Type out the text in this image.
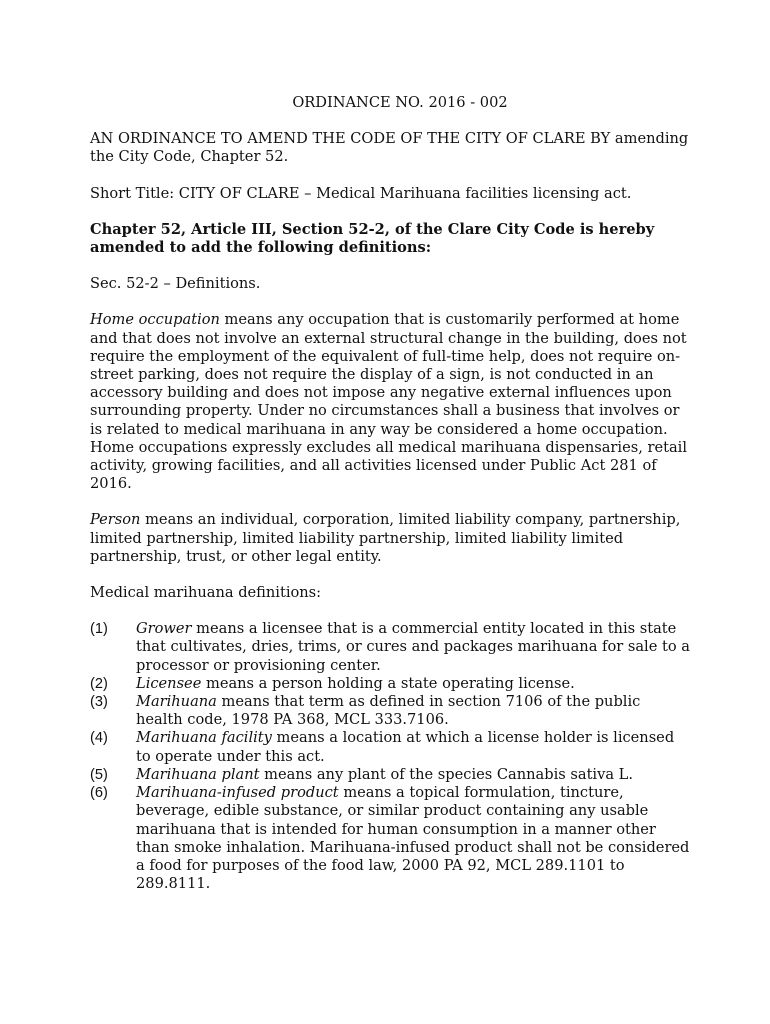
ORDINANCE NO. 2016 - 002

AN ORDINANCE TO AMEND THE CODE OF THE CITY OF CLARE BY amending the City Code, Chapter 52.

Short Title: CITY OF CLARE – Medical Marihuana facilities licensing act.

Chapter 52, Article III, Section 52-2, of the Clare City Code is hereby amended to add the following definitions:

Sec. 52-2 – Definitions.

Home occupation means any occupation that is customarily performed at home and that does not involve an external structural change in the building, does not require the employment of the equivalent of full-time help, does not require on-street parking, does not require the display of a sign, is not conducted in an accessory building and does not impose any negative external influences upon surrounding property. Under no circumstances shall a business that involves or is related to medical marihuana in any way be considered a home occupation. Home occupations expressly excludes all medical marihuana dispensaries, retail activity, growing facilities, and all activities licensed under Public Act 281 of 2016.

Person means an individual, corporation, limited liability company, partnership, limited partnership, limited liability partnership, limited liability limited partnership, trust, or other legal entity.

Medical marihuana definitions:

(1)	Grower means a licensee that is a commercial entity located in this state that cultivates, dries, trims, or cures and packages marihuana for sale to a processor or provisioning center.
(2)	Licensee means a person holding a state operating license.
(3)	Marihuana means that term as defined in section 7106 of the public health code, 1978 PA 368, MCL 333.7106.
(4)	Marihuana facility means a location at which a license holder is licensed to operate under this act.
(5)	Marihuana plant means any plant of the species Cannabis sativa L.
(6)	Marihuana-infused product means a topical formulation, tincture, beverage, edible substance, or similar product containing any usable marihuana that is intended for human consumption in a manner other than smoke inhalation. Marihuana-infused product shall not be considered a food for purposes of the food law, 2000 PA 92, MCL 289.1101 to 289.8111.
